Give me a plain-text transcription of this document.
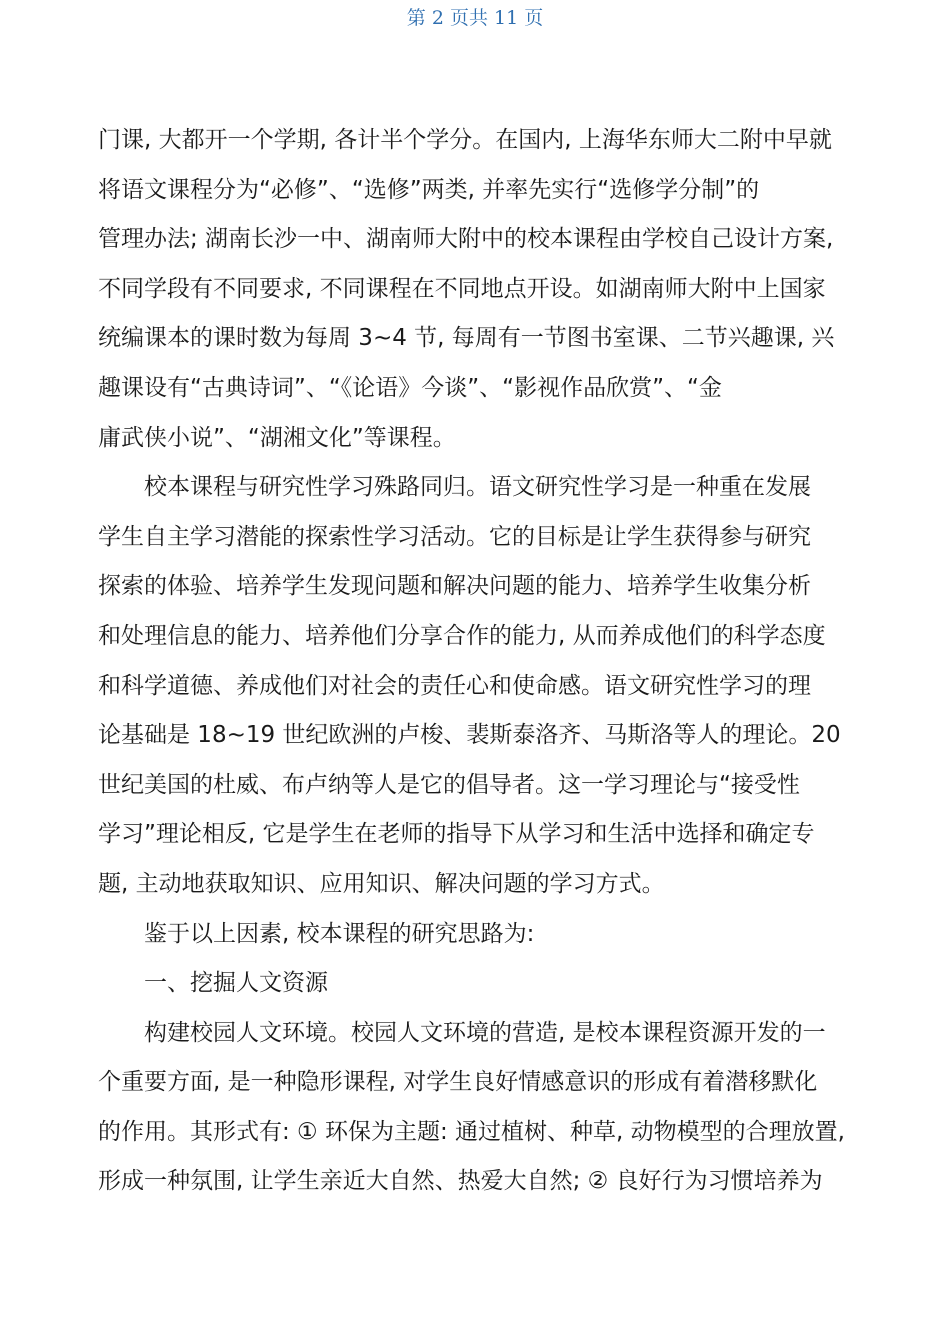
第 2 页共 11 页

门课, 大都开一个学期, 各计半个学分。在国内, 上海华东师大二附中早就
将语文课程分为“必修”、“选修”两类, 并率先实行“选修学分制”的
管理办法; 湖南长沙一中、湖南师大附中的校本课程由学校自己设计方案,
不同学段有不同要求, 不同课程在不同地点开设。如湖南师大附中上国家
统编课本的课时数为每周 3~4 节, 每周有一节图书室课、二节兴趣课, 兴
趣课设有“古典诗词”、“《论语》今谈”、“影视作品欣赏”、“金
庸武侠小说”、“湖湘文化”等课程。

　　校本课程与研究性学习殊路同归。语文研究性学习是一种重在发展
学生自主学习潜能的探索性学习活动。它的目标是让学生获得参与研究
探索的体验、培养学生发现问题和解决问题的能力、培养学生收集分析
和处理信息的能力、培养他们分享合作的能力, 从而养成他们的科学态度
和科学道德、养成他们对社会的责任心和使命感。语文研究性学习的理
论基础是 18~19 世纪欧洲的卢梭、裴斯泰洛齐、马斯洛等人的理论。20
世纪美国的杜威、布卢纳等人是它的倡导者。这一学习理论与“接受性
学习”理论相反, 它是学生在老师的指导下从学习和生活中选择和确定专
题, 主动地获取知识、应用知识、解决问题的学习方式。

　　鉴于以上因素, 校本课程的研究思路为:

　　一、挖掘人文资源

　　构建校园人文环境。校园人文环境的营造, 是校本课程资源开发的一
个重要方面, 是一种隐形课程, 对学生良好情感意识的形成有着潜移默化
的作用。其形式有: ① 环保为主题: 通过植树、种草, 动物模型的合理放置,
形成一种氛围, 让学生亲近大自然、热爱大自然; ② 良好行为习惯培养为
